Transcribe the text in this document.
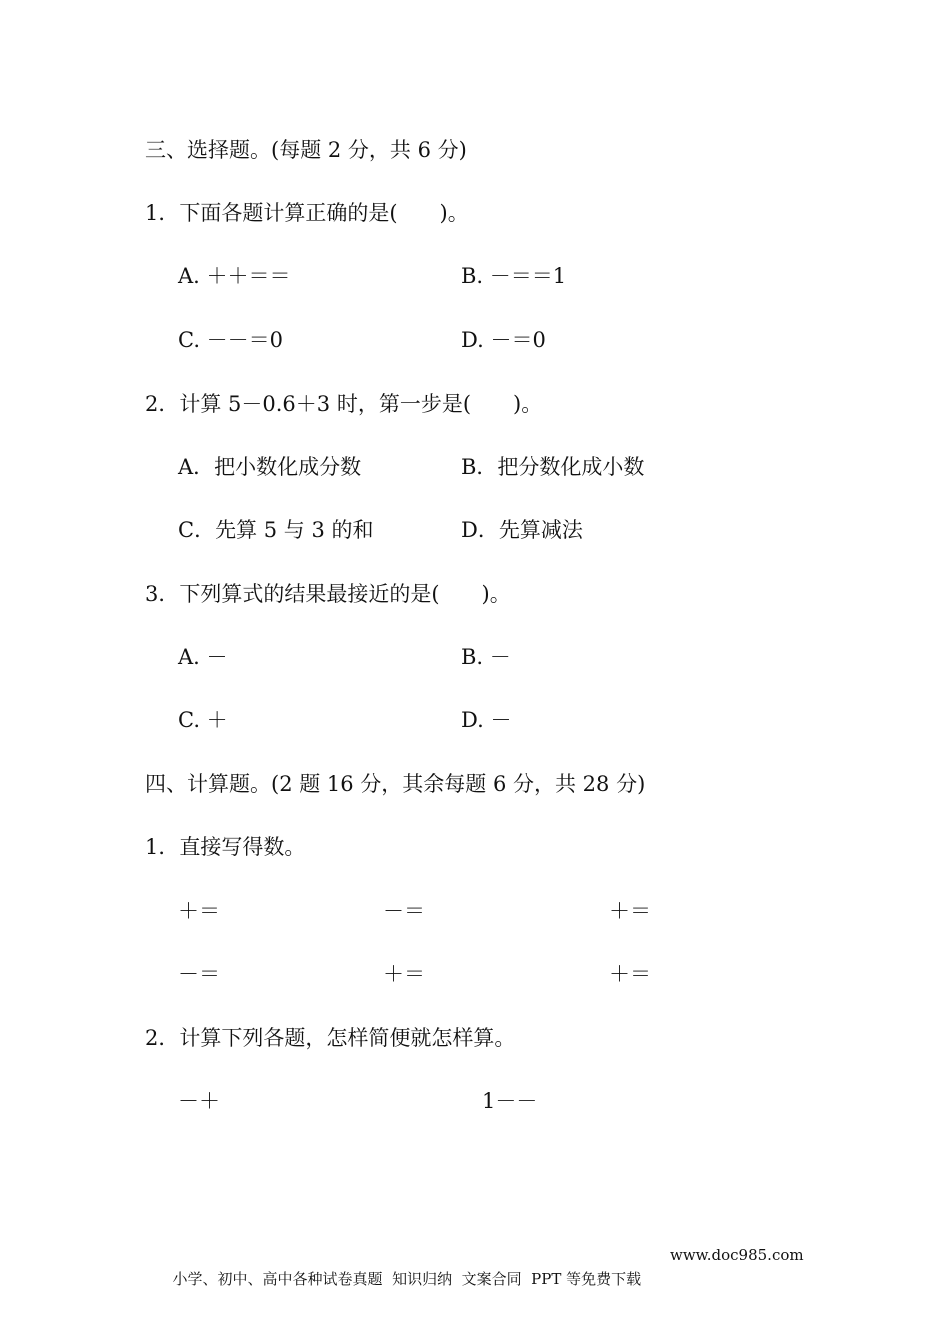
三、选择题。(每题 2 分，共 6 分)
1．下面各题计算正确的是(　　)。
A. ＋＋＝＝	B. －＝＝1
C. －－＝0	D. －＝0
2．计算 5－0.6＋3 时，第一步是(　　)。
A．把小数化成分数	B．把分数化成小数
C．先算 5 与 3 的和	D．先算减法
3．下列算式的结果最接近的是(　　)。
A. －	B. －
C. ＋	D. －
四、计算题。(2 题 16 分，其余每题 6 分，共 28 分)
1．直接写得数。
＋＝	－＝	＋＝
－＝	＋＝	＋＝
2．计算下列各题，怎样简便就怎样算。
－＋	1－－

小学、初中、高中各种试卷真题  知识归纳  文案合同  PPT 等免费下载

www.doc985.com
